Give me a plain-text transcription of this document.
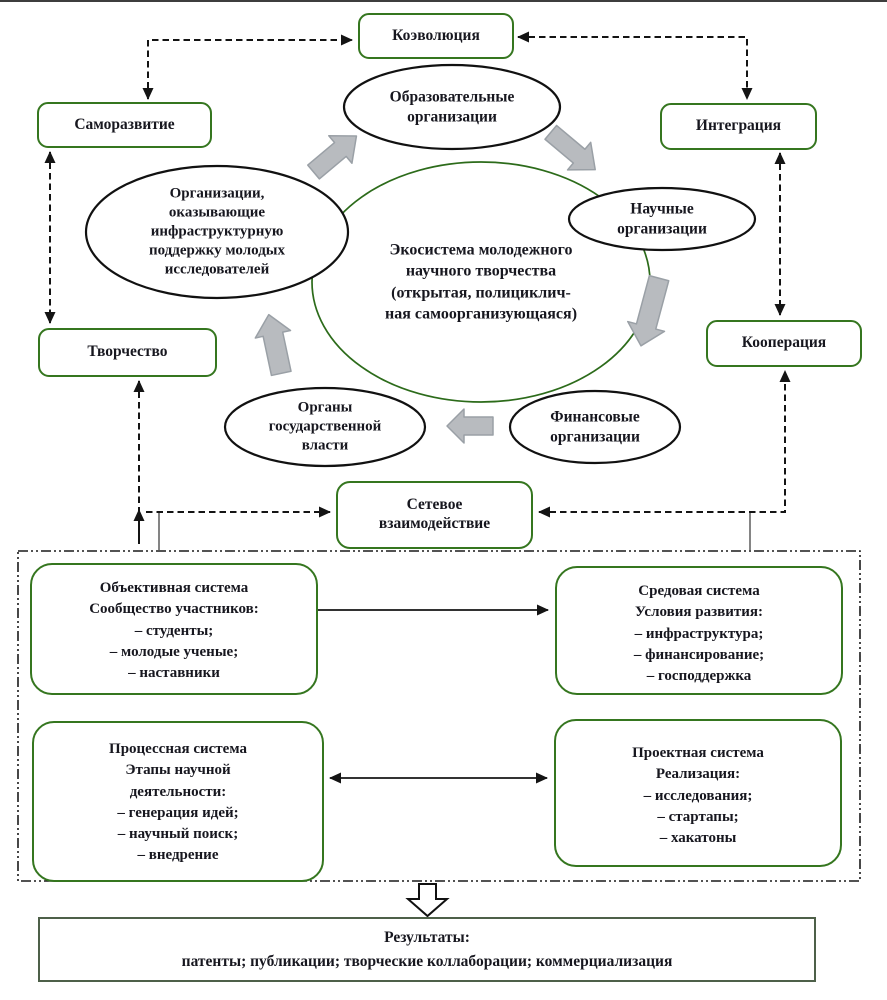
Коэволюция
Саморазвитие	Интеграция
Творчество
Кооперация
Сетевое
взаимодействие
Экосистема молодежного
научного творчества
(открытая, полициклич-
ная самоорганизующаяся)
Организации,
оказывающие
инфраструктурную
поддержку молодых
исследователей
Образовательные
организации
Научные
организации
Органы
государственной
власти
Финансовые
организации
Объективная система
Сообщество участников:
– студенты;
– молодые ученые;
– наставники
Средовая система
Условия развития:
– инфраструктура;
– финансирование;
– господдержка
Процессная система
Этапы научной деятельности:
– генерация идей;
– научный поиск;
– внедрение
Проектная система
Реализация:
– исследования;
– стартапы;
– хакатоны
Результаты:
патенты; публикации; творческие коллаборации; коммерциализация
